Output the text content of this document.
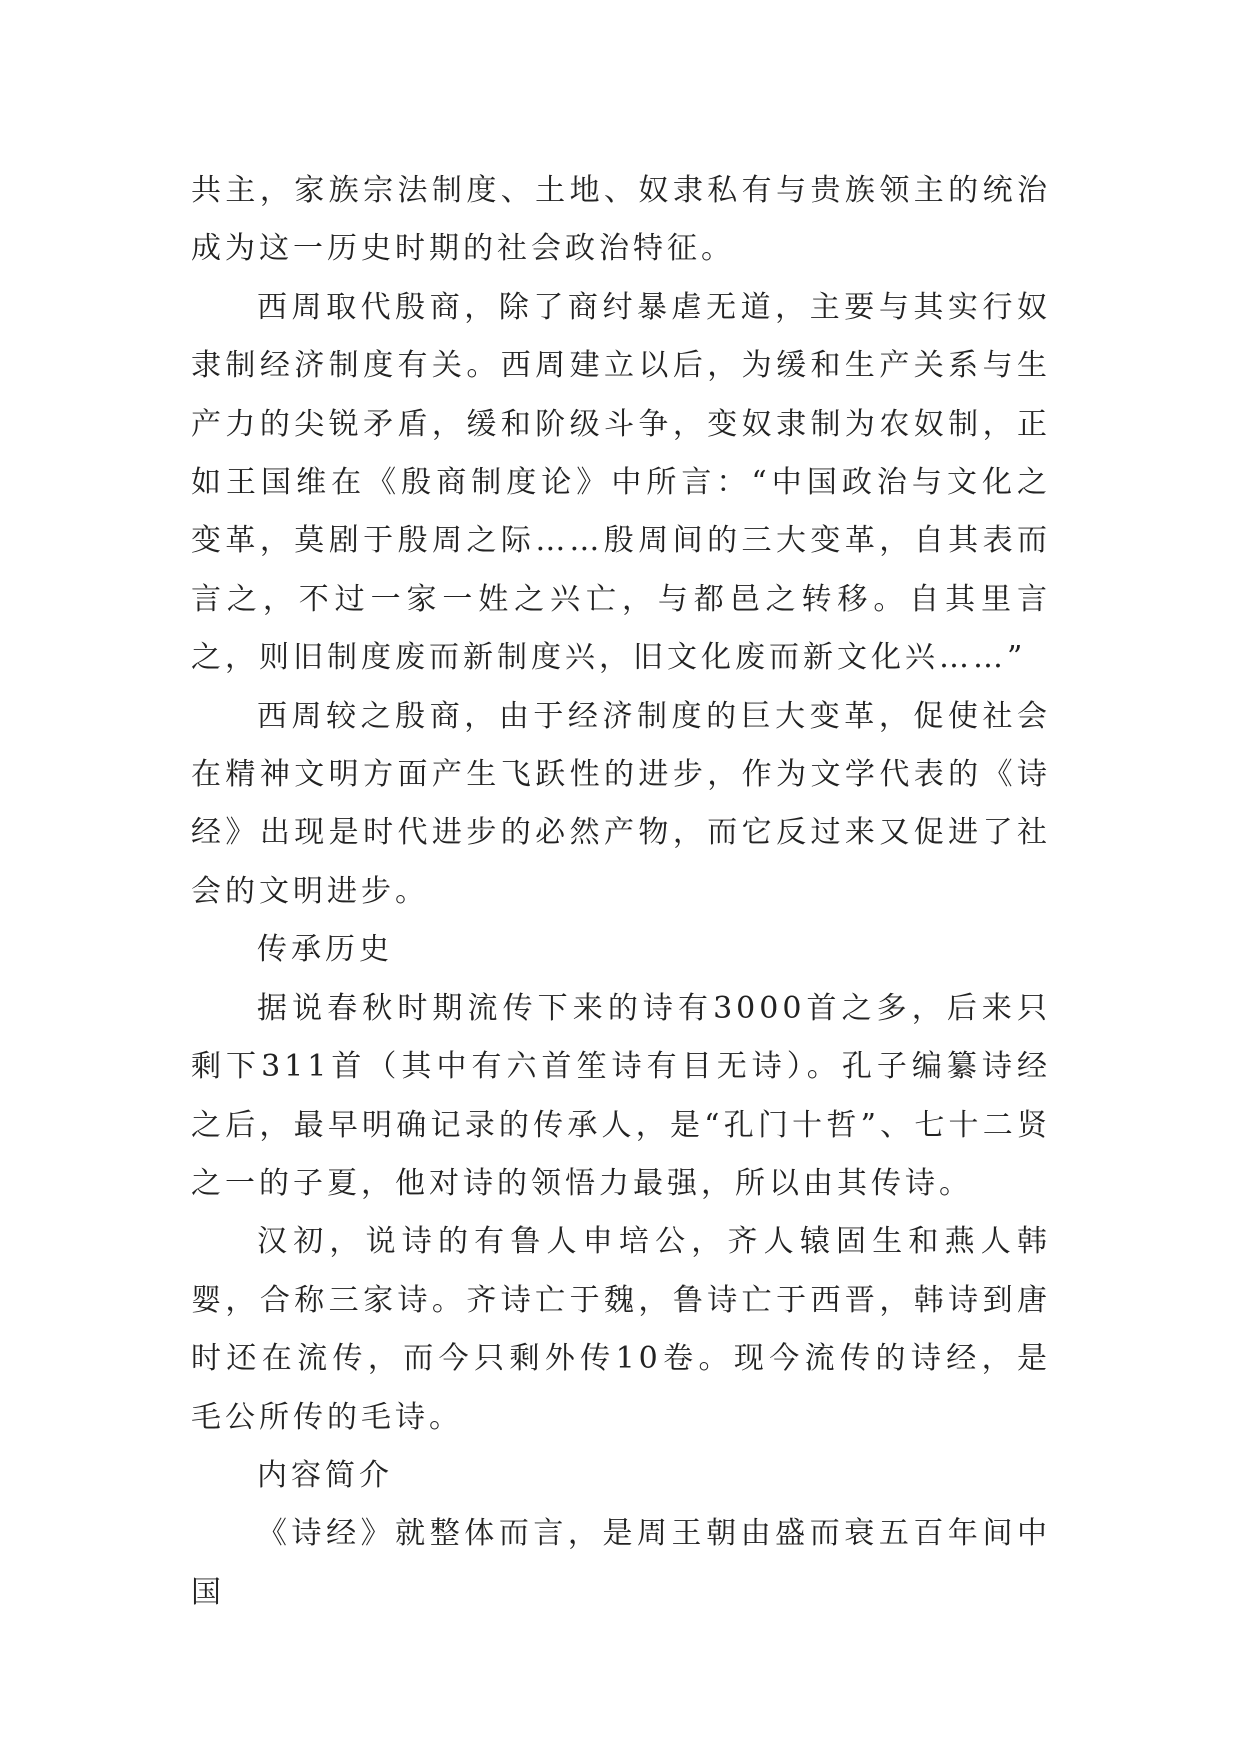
共主，家族宗法制度、土地、奴隶私有与贵族领主的统治成为这一历史时期的社会政治特征。

西周取代殷商，除了商纣暴虐无道，主要与其实行奴隶制经济制度有关。西周建立以后，为缓和生产关系与生产力的尖锐矛盾，缓和阶级斗争，变奴隶制为农奴制，正如王国维在《殷商制度论》中所言：“中国政治与文化之变革，莫剧于殷周之际……殷周间的三大变革，自其表而言之，不过一家一姓之兴亡，与都邑之转移。自其里言之，则旧制度废而新制度兴，旧文化废而新文化兴……”

西周较之殷商，由于经济制度的巨大变革，促使社会在精神文明方面产生飞跃性的进步，作为文学代表的《诗经》出现是时代进步的必然产物，而它反过来又促进了社会的文明进步。

传承历史

据说春秋时期流传下来的诗有3000首之多，后来只剩下311首（其中有六首笙诗有目无诗）。孔子编纂诗经之后，最早明确记录的传承人，是“孔门十哲”、七十二贤之一的子夏，他对诗的领悟力最强，所以由其传诗。

汉初，说诗的有鲁人申培公，齐人辕固生和燕人韩婴，合称三家诗。齐诗亡于魏，鲁诗亡于西晋，韩诗到唐时还在流传，而今只剩外传10卷。现今流传的诗经，是毛公所传的毛诗。

内容简介

《诗经》就整体而言，是周王朝由盛而衰五百年间中国
